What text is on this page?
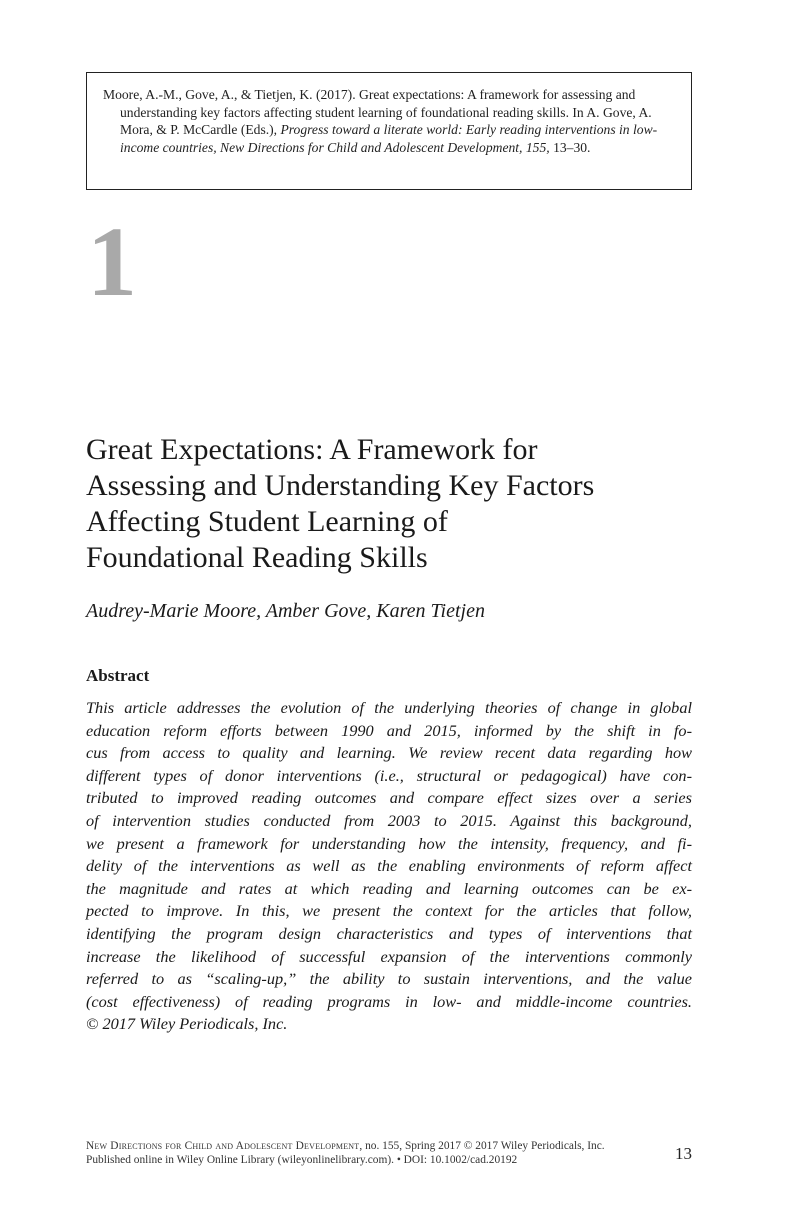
Moore, A.-M., Gove, A., & Tietjen, K. (2017). Great expectations: A framework for assessing and understanding key factors affecting student learning of foundational reading skills. In A. Gove, A. Mora, & P. McCardle (Eds.), Progress toward a literate world: Early reading interventions in low-income countries, New Directions for Child and Adolescent Development, 155, 13–30.

1
Great Expectations: A Framework for
Assessing and Understanding Key Factors
Affecting Student Learning of
Foundational Reading Skills

Audrey-Marie Moore, Amber Gove, Karen Tietjen

Abstract
This article addresses the evolution of the underlying theories of change in global
education reform efforts between 1990 and 2015, informed by the shift in fo-
cus from access to quality and learning. We review recent data regarding how
different types of donor interventions (i.e., structural or pedagogical) have con-
tributed to improved reading outcomes and compare effect sizes over a series
of intervention studies conducted from 2003 to 2015. Against this background,
we present a framework for understanding how the intensity, frequency, and fi-
delity of the interventions as well as the enabling environments of reform affect
the magnitude and rates at which reading and learning outcomes can be ex-
pected to improve. In this, we present the context for the articles that follow,
identifying the program design characteristics and types of interventions that
increase the likelihood of successful expansion of the interventions commonly
referred to as “scaling-up,” the ability to sustain interventions, and the value
(cost effectiveness) of reading programs in low- and middle-income countries.
© 2017 Wiley Periodicals, Inc.
New Directions for Child and Adolescent Development, no. 155, Spring 2017 © 2017 Wiley Periodicals, Inc.
Published online in Wiley Online Library (wileyonlinelibrary.com). • DOI: 10.1002/cad.20192	13
